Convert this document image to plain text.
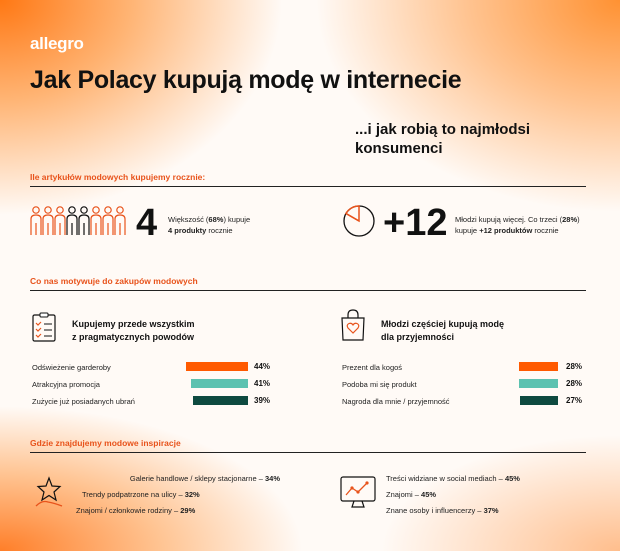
allegro
Jak Polacy kupują modę w internecie
...i jak robią to najmłodsi konsumenci
Ile artykułów modowych kupujemy rocznie:
4 Większość (68%) kupuje
4 produkty rocznie	+12 Młodzi kupują więcej. Co trzeci (28%)
kupuje +12 produktów rocznie
Co nas motywuje do zakupów modowych
Kupujemy przede wszystkim
z pragmatycznych powodów
Odświeżenie garderoby	44%
Atrakcyjna promocja	41%
Zużycie już posiadanych ubrań	39%
Młodzi częściej kupują modę
dla przyjemności
Prezent dla kogoś	28%
Podoba mi się produkt	28%
Nagroda dla mnie / przyjemność	27%
Gdzie znajdujemy modowe inspiracje
Galerie handlowe / sklepy stacjonarne – 34%
Trendy podpatrzone na ulicy – 32%
Znajomi / członkowie rodziny – 29%
Treści widziane w social mediach – 45%
Znajomi – 45%
Znane osoby i influencerzy – 37%
